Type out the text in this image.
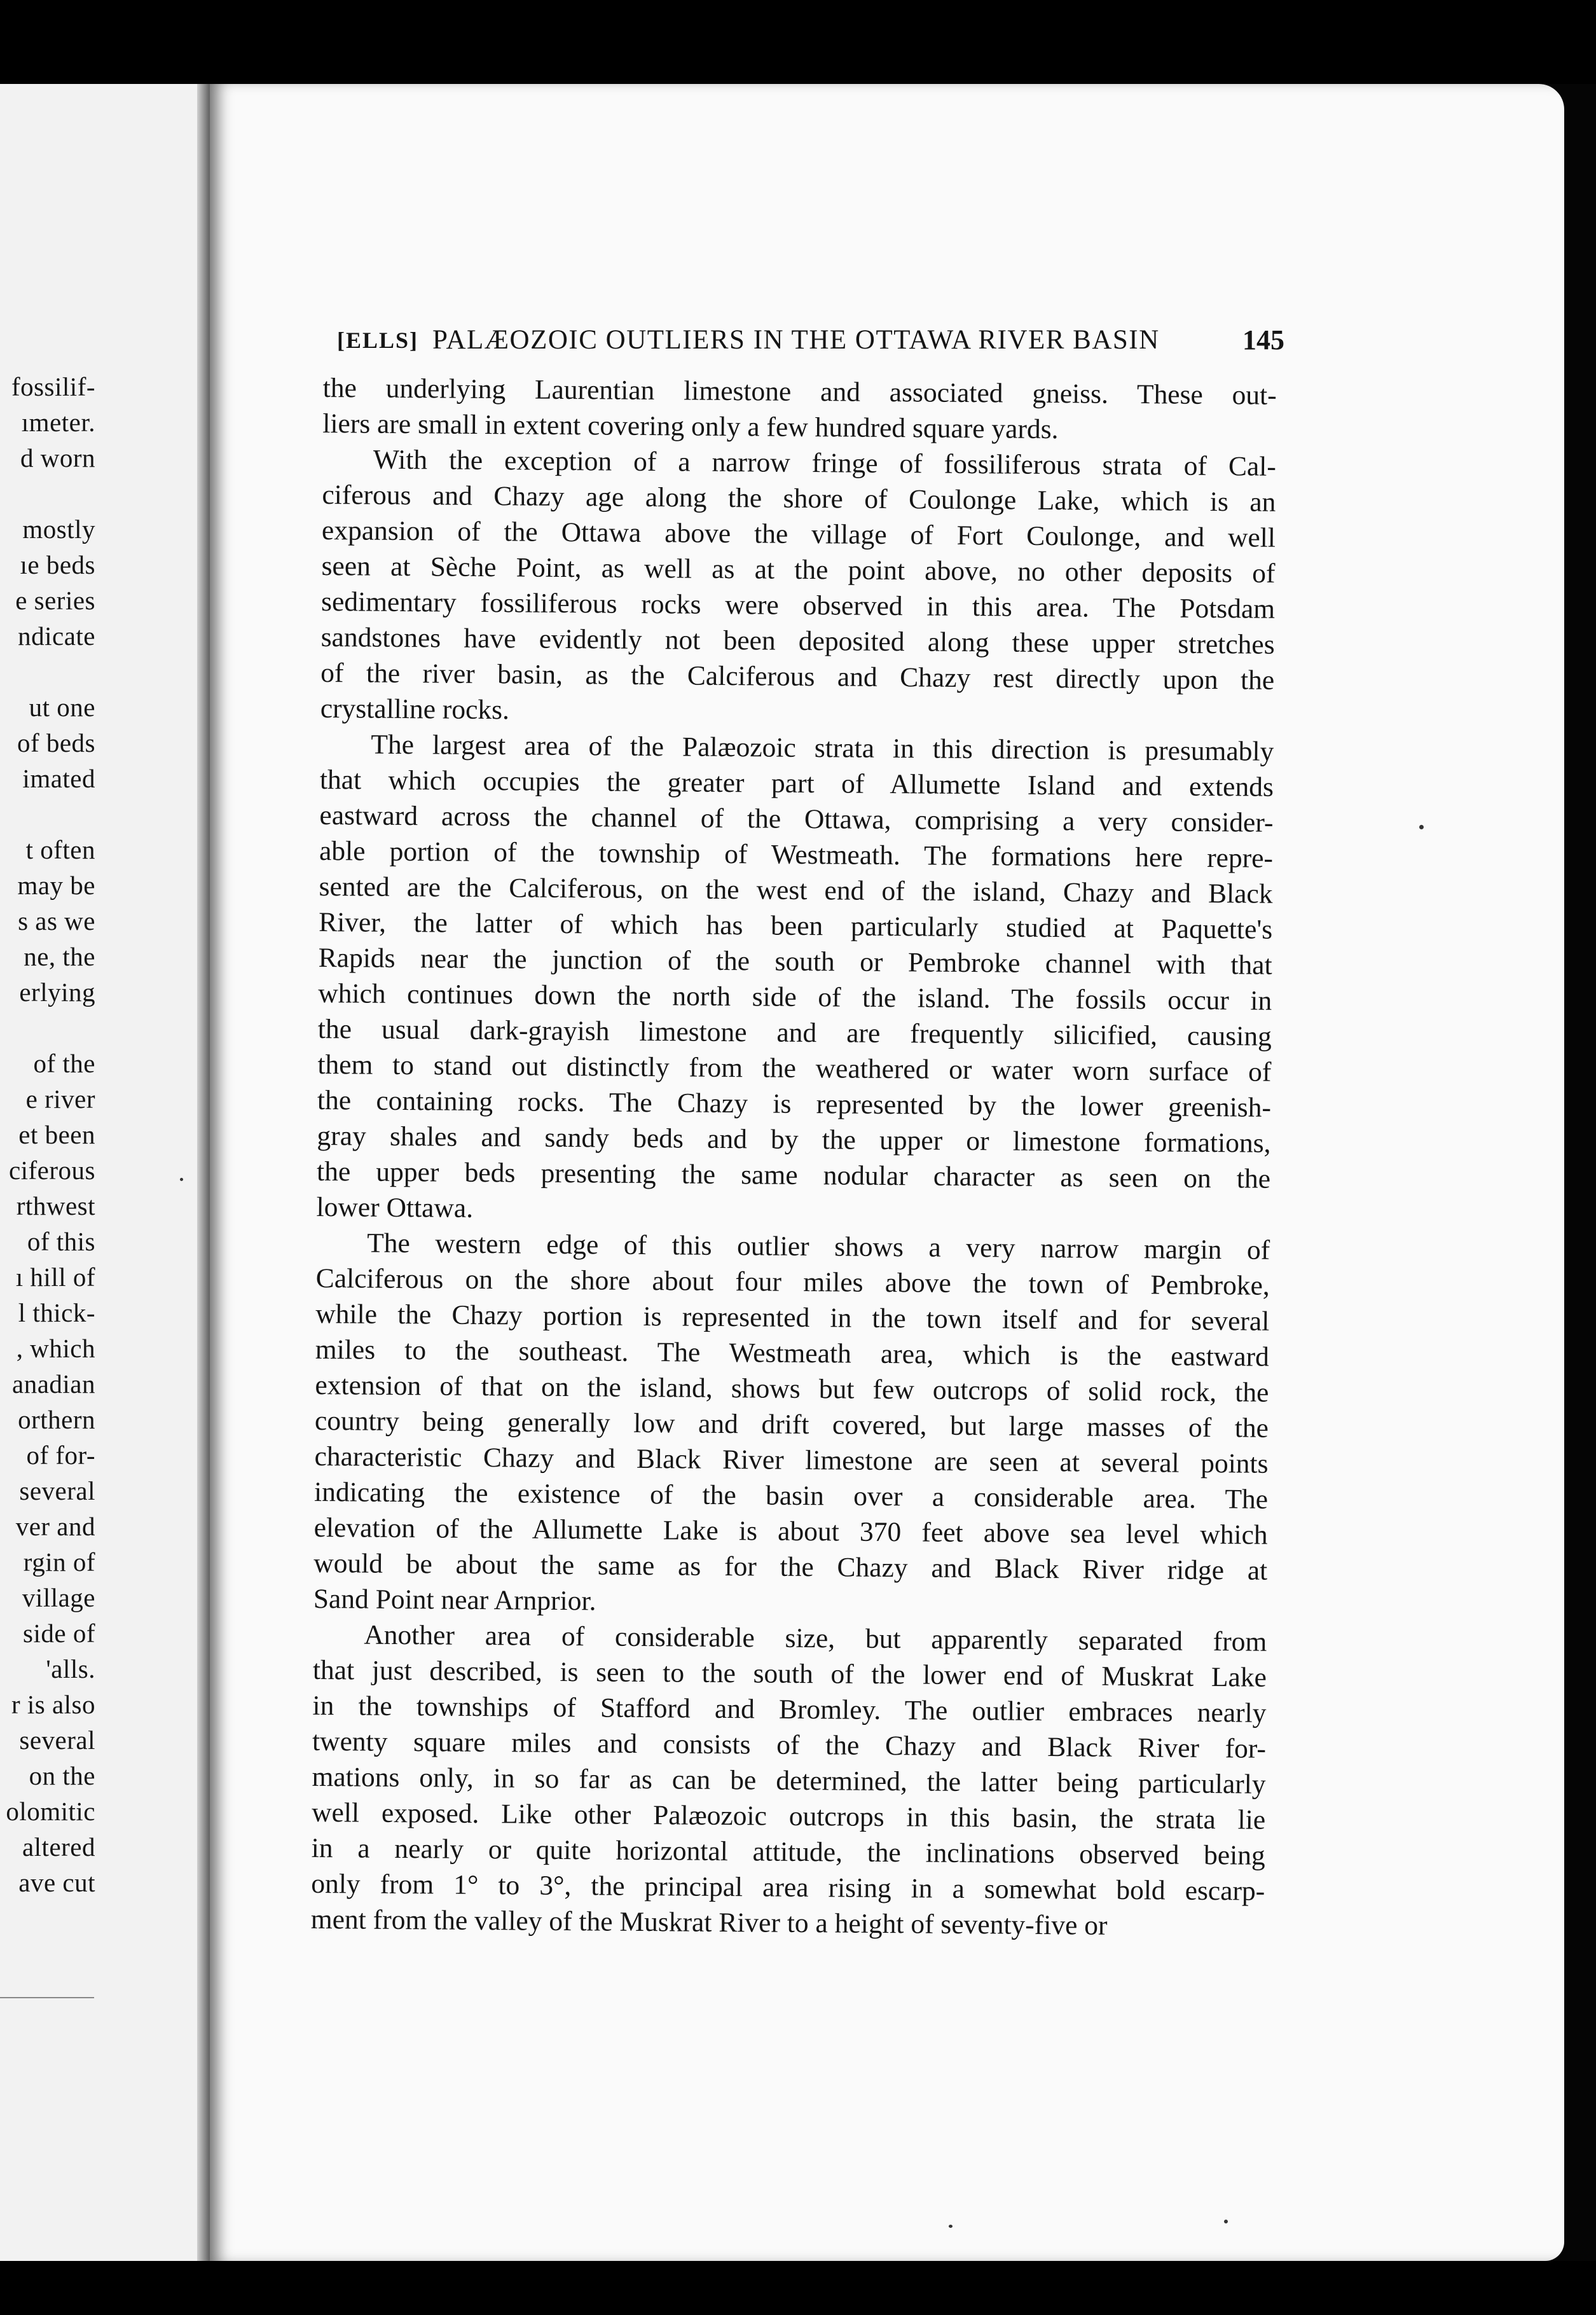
fossilif-
ımeter.
d worn
mostly
ıe beds
e series
ndicate
ut one
of beds
imated
t often
may be
s as we
ne, the
erlying
of the
e river
et been
ciferous
rthwest
of this
ı hill of
l thick-
, which
anadian
orthern
of for-
several
ver and
rgin of
village
side of
'alls.
r is also
several
on the
olomitic
altered
ave cut
[ELLS] PALÆOZOIC OUTLIERS IN THE OTTAWA RIVER BASIN	145
the underlying Laurentian limestone and associated gneiss. These out-
liers are small in extent covering only a few hundred square yards.
With the exception of a narrow fringe of fossiliferous strata of Cal-
ciferous and Chazy age along the shore of Coulonge Lake, which is an
expansion of the Ottawa above the village of Fort Coulonge, and well
seen at Sèche Point, as well as at the point above, no other deposits of
sedimentary fossiliferous rocks were observed in this area. The Potsdam
sandstones have evidently not been deposited along these upper stretches
of the river basin, as the Calciferous and Chazy rest directly upon the
crystalline rocks.
The largest area of the Palæozoic strata in this direction is presumably
that which occupies the greater part of Allumette Island and extends
eastward across the channel of the Ottawa, comprising a very consider-
able portion of the township of Westmeath. The formations here repre-
sented are the Calciferous, on the west end of the island, Chazy and Black
River, the latter of which has been particularly studied at Paquette's
Rapids near the junction of the south or Pembroke channel with that
which continues down the north side of the island. The fossils occur in
the usual dark-grayish limestone and are frequently silicified, causing
them to stand out distinctly from the weathered or water worn surface of
the containing rocks. The Chazy is represented by the lower greenish-
gray shales and sandy beds and by the upper or limestone formations,
the upper beds presenting the same nodular character as seen on the
lower Ottawa.
The western edge of this outlier shows a very narrow margin of
Calciferous on the shore about four miles above the town of Pembroke,
while the Chazy portion is represented in the town itself and for several
miles to the southeast. The Westmeath area, which is the eastward
extension of that on the island, shows but few outcrops of solid rock, the
country being generally low and drift covered, but large masses of the
characteristic Chazy and Black River limestone are seen at several points
indicating the existence of the basin over a considerable area. The
elevation of the Allumette Lake is about 370 feet above sea level which
would be about the same as for the Chazy and Black River ridge at
Sand Point near Arnprior.
Another area of considerable size, but apparently separated from
that just described, is seen to the south of the lower end of Muskrat Lake
in the townships of Stafford and Bromley. The outlier embraces nearly
twenty square miles and consists of the Chazy and Black River for-
mations only, in so far as can be determined, the latter being particularly
well exposed. Like other Palæozoic outcrops in this basin, the strata lie
in a nearly or quite horizontal attitude, the inclinations observed being
only from 1° to 3°, the principal area rising in a somewhat bold escarp-
ment from the valley of the Muskrat River to a height of seventy-five or
